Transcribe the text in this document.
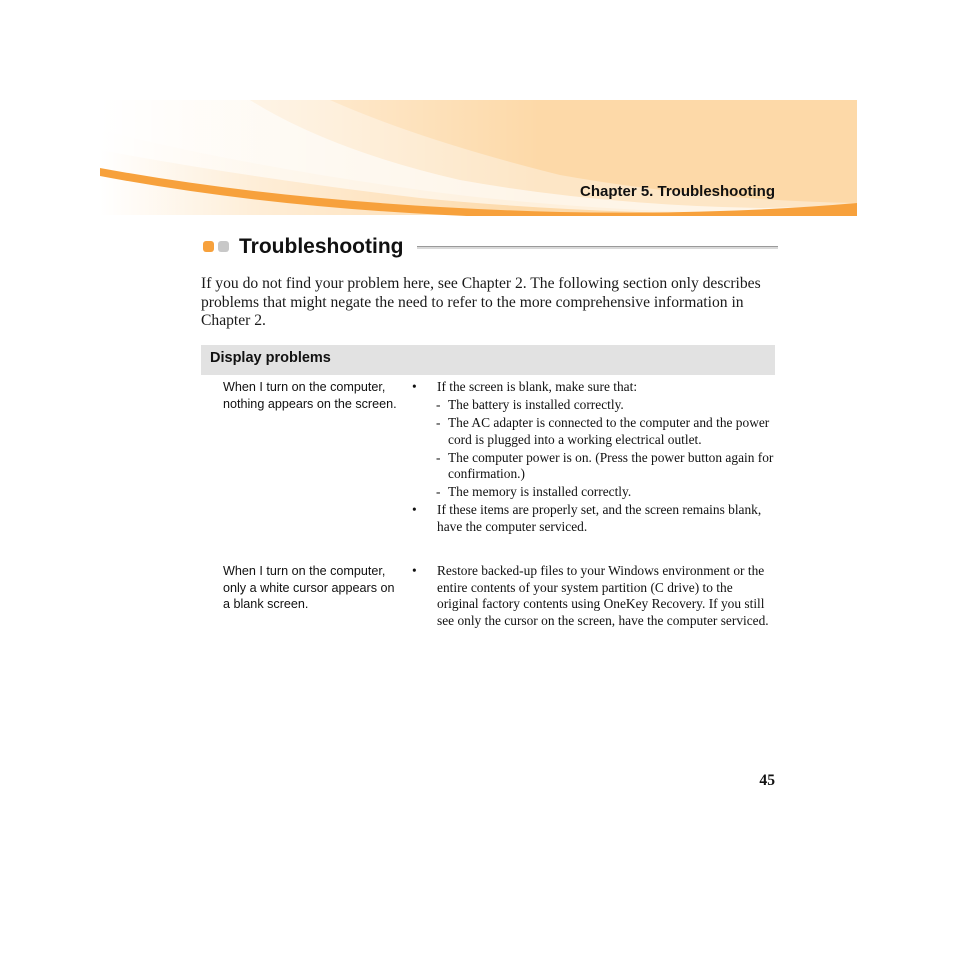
Chapter 5. Troubleshooting
Troubleshooting

If you do not find your problem here, see Chapter 2. The following section only describes problems that might negate the need to refer to the more comprehensive information in Chapter 2.

Display problems

When I turn on the computer, nothing appears on the screen.

• If the screen is blank, make sure that:
- The battery is installed correctly.
- The AC adapter is connected to the computer and the power cord is plugged into a working electrical outlet.
- The computer power is on. (Press the power button again for confirmation.)
- The memory is installed correctly.
• If these items are properly set, and the screen remains blank, have the computer serviced.

When I turn on the computer, only a white cursor appears on a blank screen.

• Restore backed-up files to your Windows environment or the entire contents of your system partition (C drive) to the original factory contents using OneKey Recovery. If you still see only the cursor on the screen, have the computer serviced.
45
